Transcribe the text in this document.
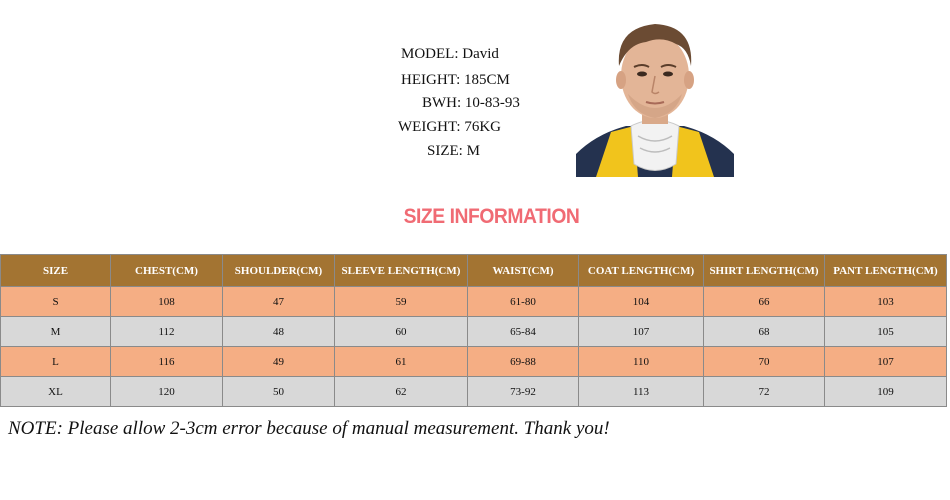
MODEL: David
HEIGHT: 185CM
BWH: 10-83-93
WEIGHT: 76KG
SIZE: M
SIZE INFORMATION
SIZE	CHEST(CM)	SHOULDER(CM)	SLEEVE LENGTH(CM)	WAIST(CM)	COAT LENGTH(CM)	SHIRT LENGTH(CM)	PANT LENGTH(CM)
S	108	47	59	61-80	104	66	103
M	112	48	60	65-84	107	68	105
L	116	49	61	69-88	110	70	107
XL	120	50	62	73-92	113	72	109
NOTE: Please allow 2-3cm error because of manual measurement. Thank you!
